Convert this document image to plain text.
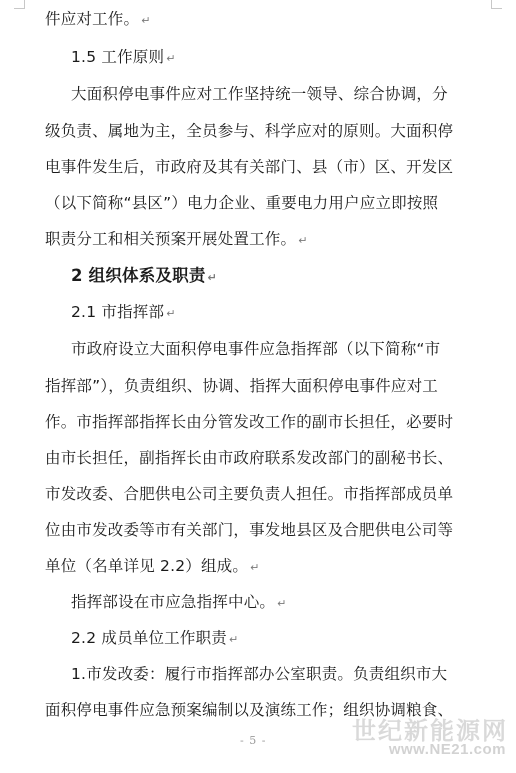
件应对工作。 ↵
1.5 工作原则 ↵
大面积停电事件应对工作坚持统一领导、综合协调，分
级负责、属地为主，全员参与、科学应对的原则。大面积停
电事件发生后，市政府及其有关部门、县（市）区、开发区
（以下简称“县区”）电力企业、重要电力用户应立即按照
职责分工和相关预案开展处置工作。 ↵
2 组织体系及职责 ↵
2.1 市指挥部 ↵
市政府设立大面积停电事件应急指挥部（以下简称“市
指挥部”），负责组织、协调、指挥大面积停电事件应对工
作。市指挥部指挥长由分管发改工作的副市长担任，必要时
由市长担任，副指挥长由市政府联系发改部门的副秘书长、
市发改委、合肥供电公司主要负责人担任。市指挥部成员单
位由市发改委等市有关部门，事发地县区及合肥供电公司等
单位（名单详见 2.2）组成。 ↵
指挥部设在市应急指挥中心。 ↵
2.2 成员单位工作职责 ↵
1.市发改委：履行市指挥部办公室职责。负责组织市大
面积停电事件应急预案编制以及演练工作；组织协调粮食、
- 5 -	世纪新能源网
www.NE21.com
